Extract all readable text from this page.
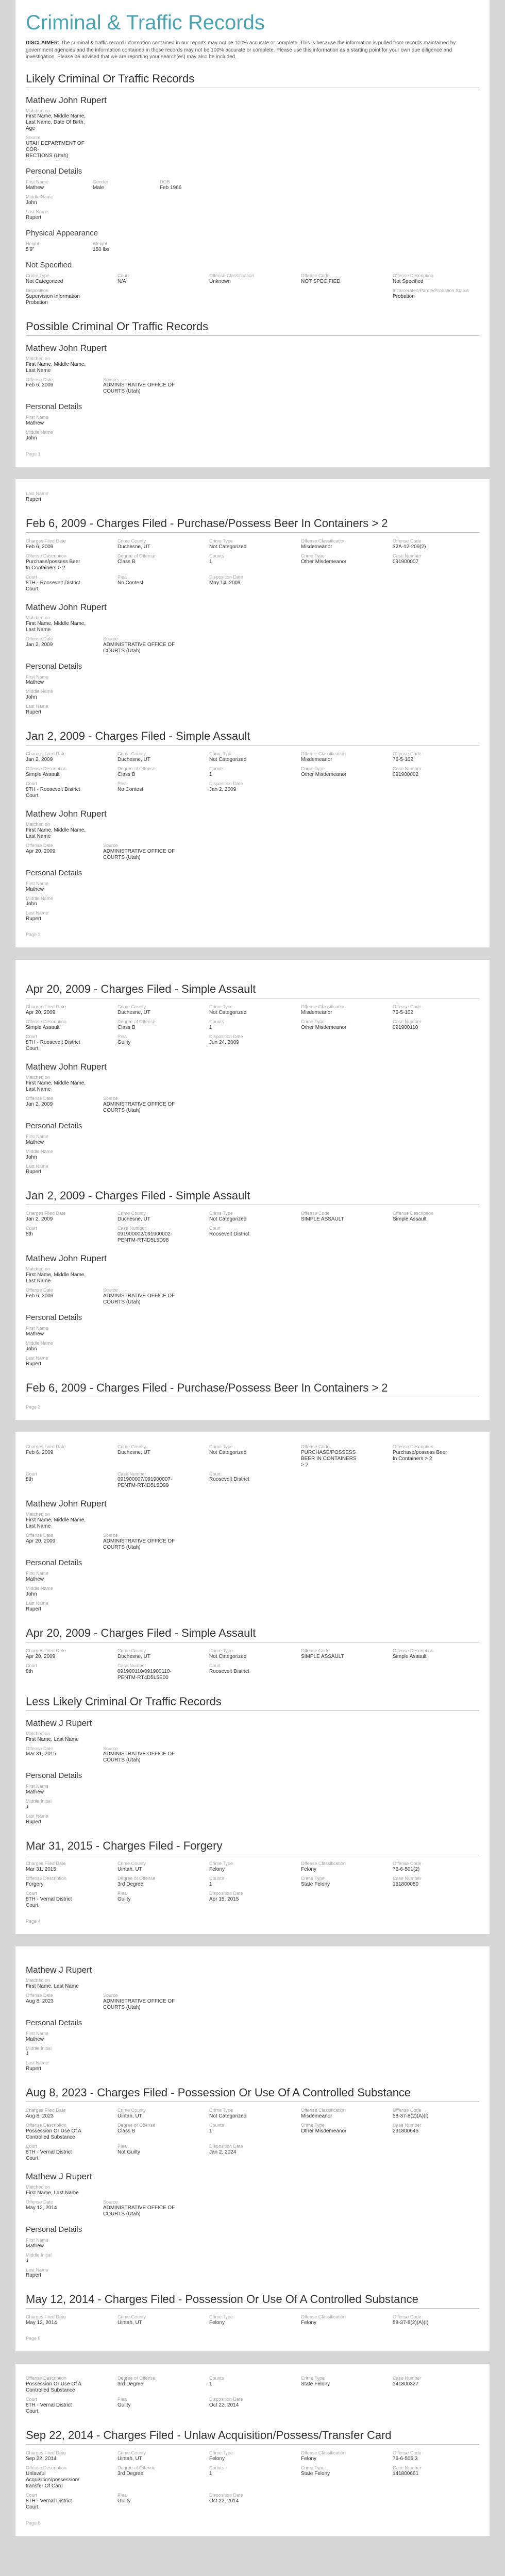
Criminal & Traffic Records

DISCLAIMER: The criminal & traffic record information contained in our reports may not be 100% accurate or complete. This is because the information is pulled from records maintained by government agencies and the information contained in those records may not be 100% accurate or complete. Please use this information as a starting point for your own due diligence and investigation. Please be advised that we are reporting your search(es) may also be included.

Likely Criminal Or Traffic Records
Mathew John Rupert
Matched on
First Name, Middle Name, Last Name, Date Of Birth, Age
Source
UTAH DEPARTMENT OF COR-
RECTIONS (Utah)
Personal Details
First Name
Mathew
Gender
Male
DOB
Feb 1966
Middle Name
John
Last Name
Rupert
Physical Appearance
Height
5'9"
Weight
150 lbs
Not Specified
Crime Type
Not Categorized
Court
N/A
Offense Classification
Unknown
Offense Code
NOT SPECIFIED
Offense Description
Not Specified
Disposition
Supervision Information
Probation
Incarcerated/Parole/Probation Status
Probation
Possible Criminal Or Traffic Records
Mathew John Rupert
Matched on
First Name, Middle Name, Last Name
Offense Date
Feb 6, 2009
Source
ADMINISTRATIVE OFFICE OF
COURTS (Utah)
Personal Details
First Name
Mathew
Middle Name
John
Page 1
Last Name
Rupert
Feb 6, 2009 - Charges Filed - Purchase/Possess Beer In Containers > 2
Charges Filed Date
Feb 6, 2009
Crime County
Duchesne, UT
Crime Type
Not Categorized
Offense Classification
Misdemeanor
Offense Code
32A-12-209(2)
Offense Description
Purchase/possess Beer
In Containers > 2
Degree of Offense
Class B
Counts
1
Crime Type
Other Misdemeanor
Case Number
091900007
Court
8TH - Roosevelt District
Court
Plea
No Contest
Disposition Date
May 14, 2009
Mathew John Rupert
Matched on
First Name, Middle Name, Last Name
Offense Date
Jan 2, 2009
Source
ADMINISTRATIVE OFFICE OF
COURTS (Utah)
Personal Details
First Name
Mathew
Middle Name
John
Last Name
Rupert
Jan 2, 2009 - Charges Filed - Simple Assault
Charges Filed Date
Jan 2, 2009
Crime County
Duchesne, UT
Crime Type
Not Categorized
Offense Classification
Misdemeanor
Offense Code
76-5-102
Offense Description
Simple Assault
Degree of Offense
Class B
Counts
1
Crime Type
Other Misdemeanor
Case Number
091900002
Court
8TH - Roosevelt District
Court
Plea
No Contest
Disposition Date
Jan 2, 2009
Mathew John Rupert
Matched on
First Name, Middle Name, Last Name
Offense Date
Apr 20, 2009
Source
ADMINISTRATIVE OFFICE OF
COURTS (Utah)
Personal Details
First Name
Mathew
Middle Name
John
Last Name
Rupert
Page 2
Apr 20, 2009 - Charges Filed - Simple Assault
Charges Filed Date
Apr 20, 2009
Crime County
Duchesne, UT
Crime Type
Not Categorized
Offense Classification
Misdemeanor
Offense Code
76-5-102
Offense Description
Simple Assault
Degree of Offense
Class B
Counts
1
Crime Type
Other Misdemeanor
Case Number
091900110
Court
8TH - Roosevelt District
Court
Plea
Guilty
Disposition Date
Jun 24, 2009
Mathew John Rupert
Matched on
First Name, Middle Name, Last Name
Offense Date
Jan 2, 2009
Source
ADMINISTRATIVE OFFICE OF
COURTS (Utah)
Personal Details
First Name
Mathew
Middle Name
John
Last Name
Rupert
Jan 2, 2009 - Charges Filed - Simple Assault
Charges Filed Date
Jan 2, 2009
Crime County
Duchesne, UT
Crime Type
Not Categorized
Offense Code
SIMPLE ASSAULT
Offense Description
Simple Assault
Court
8th
Case Number
091900002/091900002-
PENTM-RT4D5L5D98
Court
Roosevelt District
Mathew John Rupert
Matched on
First Name, Middle Name, Last Name
Offense Date
Feb 6, 2009
Source
ADMINISTRATIVE OFFICE OF
COURTS (Utah)
Personal Details
First Name
Mathew
Middle Name
John
Last Name
Rupert
Feb 6, 2009 - Charges Filed - Purchase/Possess Beer In Containers > 2
Page 3
Charges Filed Date
Feb 6, 2009
Crime County
Duchesne, UT
Crime Type
Not Categorized
Offense Code
PURCHASE/POSSESS
BEER IN CONTAINERS
> 2
Offense Description
Purchase/possess Beer
In Containers > 2
Court
8th
Case Number
091900007/091900007-
PENTM-RT4D5L5D99
Court
Roosevelt District
Mathew John Rupert
Matched on
First Name, Middle Name, Last Name
Offense Date
Apr 20, 2009
Source
ADMINISTRATIVE OFFICE OF
COURTS (Utah)
Personal Details
First Name
Mathew
Middle Name
John
Last Name
Rupert
Apr 20, 2009 - Charges Filed - Simple Assault
Charges Filed Date
Apr 20, 2009
Crime County
Duchesne, UT
Crime Type
Not Categorized
Offense Code
SIMPLE ASSAULT
Offense Description
Simple Assault
Court
8th
Case Number
091900110/091900110-
PENTM-RT4D5L5E00
Court
Roosevelt District
Less Likely Criminal Or Traffic Records
Mathew J Rupert
Matched on
First Name, Last Name
Offense Date
Mar 31, 2015
Source
ADMINISTRATIVE OFFICE OF
COURTS (Utah)
Personal Details
First Name
Mathew
Middle Initial
J
Last Name
Rupert
Mar 31, 2015 - Charges Filed - Forgery
Charges Filed Date
Mar 31, 2015
Crime County
Uintah, UT
Crime Type
Felony
Offense Classification
Felony
Offense Code
76-6-501(2)
Offense Description
Forgery
Degree of Offense
3rd Degree
Counts
1
Crime Type
State Felony
Case Number
151800080
Court
8TH - Vernal District
Court
Plea
Guilty
Disposition Date
Apr 15, 2015
Page 4
Mathew J Rupert
Matched on
First Name, Last Name
Offense Date
Aug 8, 2023
Source
ADMINISTRATIVE OFFICE OF
COURTS (Utah)
Personal Details
First Name
Mathew
Middle Initial
J
Last Name
Rupert
Aug 8, 2023 - Charges Filed - Possession Or Use Of A Controlled Substance
Charges Filed Date
Aug 8, 2023
Crime County
Uintah, UT
Crime Type
Not Categorized
Offense Classification
Misdemeanor
Offense Code
58-37-8(2)(A)(I)
Offense Description
Possession Or Use Of A
Controlled Substance
Degree of Offense
Class B
Counts
1
Crime Type
Other Misdemeanor
Case Number
231800645
Court
8TH - Vernal District
Court
Plea
Not Guilty
Disposition Date
Jan 2, 2024
Mathew J Rupert
Matched on
First Name, Last Name
Offense Date
May 12, 2014
Source
ADMINISTRATIVE OFFICE OF
COURTS (Utah)
Personal Details
First Name
Mathew
Middle Initial
J
Last Name
Rupert
May 12, 2014 - Charges Filed - Possession Or Use Of A Controlled Substance
Charges Filed Date
May 12, 2014
Crime County
Uintah, UT
Crime Type
Felony
Offense Classification
Felony
Offense Code
58-37-8(2)(A)(I)
Page 5
Offense Description
Possession Or Use Of A
Controlled Substance
Degree of Offense
3rd Degree
Counts
1
Crime Type
State Felony
Case Number
141800327
Court
8TH - Vernal District
Court
Plea
Guilty
Disposition Date
Oct 22, 2014
Sep 22, 2014 - Charges Filed - Unlaw Acquisition/Possess/Transfer Card
Charges Filed Date
Sep 22, 2014
Crime County
Uintah, UT
Crime Type
Felony
Offense Classification
Felony
Offense Code
76-6-506.3
Offense Description
Unlawful
Acquisition/possession/
transfer Of Card
Degree of Offense
3rd Degree
Counts
1
Crime Type
State Felony
Case Number
141800661
Court
8TH - Vernal District
Court
Plea
Guilty
Disposition Date
Oct 22, 2014
Page 6
